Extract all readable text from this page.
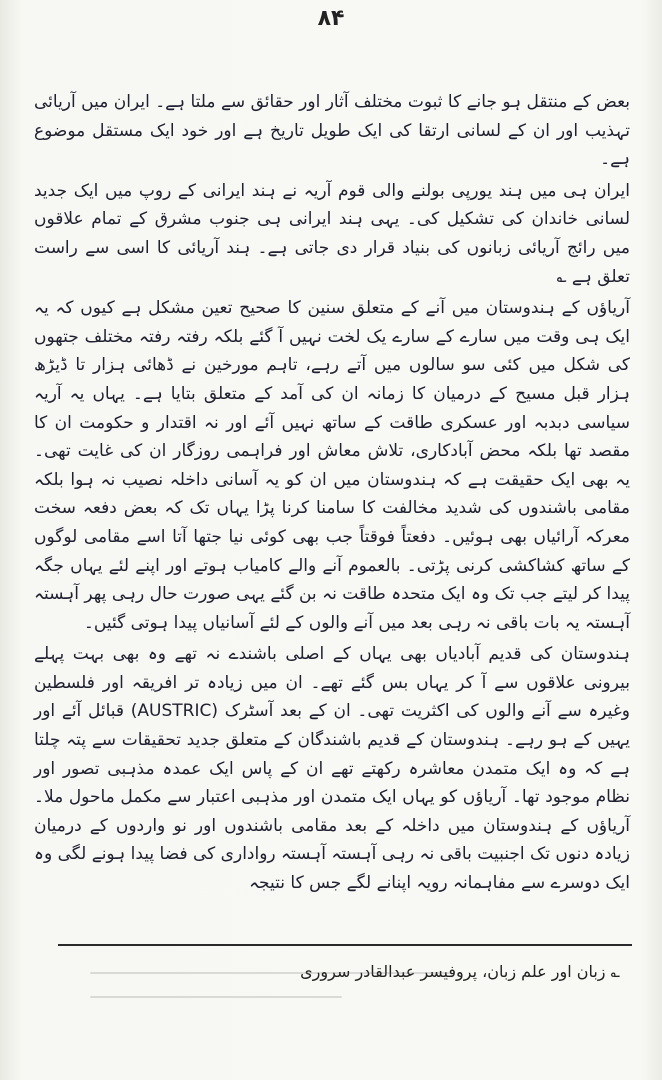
۸۴

بعض کے منتقل ہو جانے کا ثبوت مختلف آثار اور حقائق سے ملتا ہے۔ ایران میں آریائی تہذیب اور ان کے لسانی ارتقا کی ایک طویل تاریخ ہے اور خود ایک مستقل موضوع ہے۔

ایران ہی میں ہند یورپی بولنے والی قوم آریہ نے ہند ایرانی کے روپ میں ایک جدید لسانی خاندان کی تشکیل کی۔ یہی ہند ایرانی ہی جنوب مشرق کے تمام علاقوں میں رائج آریائی زبانوں کی بنیاد قرار دی جاتی ہے۔ ہند آریائی کا اسی سے راست تعلق ہے ؎

آریاؤں کے ہندوستان میں آنے کے متعلق سنین کا صحیح تعین مشکل ہے کیوں کہ یہ ایک ہی وقت میں سارے کے سارے یک لخت نہیں آ گئے بلکہ رفتہ رفتہ مختلف جتھوں کی شکل میں کئی سو سالوں میں آتے رہے، تاہم مورخین نے ڈھائی ہزار تا ڈیڑھ ہزار قبل مسیح کے درمیان کا زمانہ ان کی آمد کے متعلق بتایا ہے۔ یہاں یہ آریہ سیاسی دبدبہ اور عسکری طاقت کے ساتھ نہیں آئے اور نہ اقتدار و حکومت ان کا مقصد تھا بلکہ محض آبادکاری، تلاش معاش اور فراہمی روزگار ان کی غایت تھی۔ یہ بھی ایک حقیقت ہے کہ ہندوستان میں ان کو یہ آسانی داخلہ نصیب نہ ہوا بلکہ مقامی باشندوں کی شدید مخالفت کا سامنا کرنا پڑا یہاں تک کہ بعض دفعہ سخت معرکہ آرائیاں بھی ہوئیں۔ دفعتاً فوقتاً جب بھی کوئی نیا جتھا آتا اسے مقامی لوگوں کے ساتھ کشاکشی کرنی پڑتی۔ بالعموم آنے والے کامیاب ہوتے اور اپنے لئے یہاں جگہ پیدا کر لیتے جب تک وہ ایک متحدہ طاقت نہ بن گئے یہی صورت حال رہی پھر آہستہ آہستہ یہ بات باقی نہ رہی بعد میں آنے والوں کے لئے آسانیاں پیدا ہوتی گئیں۔

ہندوستان کی قدیم آبادیاں بھی یہاں کے اصلی باشندے نہ تھے وہ بھی بہت پہلے بیرونی علاقوں سے آ کر یہاں بس گئے تھے۔ ان میں زیادہ تر افریقہ اور فلسطین وغیرہ سے آنے والوں کی اکثریت تھی۔ ان کے بعد آسٹرک (AUSTRIC) قبائل آئے اور یہیں کے ہو رہے۔ ہندوستان کے قدیم باشندگان کے متعلق جدید تحقیقات سے پتہ چلتا ہے کہ وہ ایک متمدن معاشرہ رکھتے تھے ان کے پاس ایک عمدہ مذہبی تصور اور نظام موجود تھا۔ آریاؤں کو یہاں ایک متمدن اور مذہبی اعتبار سے مکمل ماحول ملا۔ آریاؤں کے ہندوستان میں داخلہ کے بعد مقامی باشندوں اور نو واردوں کے درمیان زیادہ دنوں تک اجنبیت باقی نہ رہی آہستہ آہستہ رواداری کی فضا پیدا ہونے لگی وہ ایک دوسرے سے مفاہمانہ رویہ اپنانے لگے جس کا نتیجہ

؎ زبان اور علم زبان، پروفیسر عبدالقادر سروری
